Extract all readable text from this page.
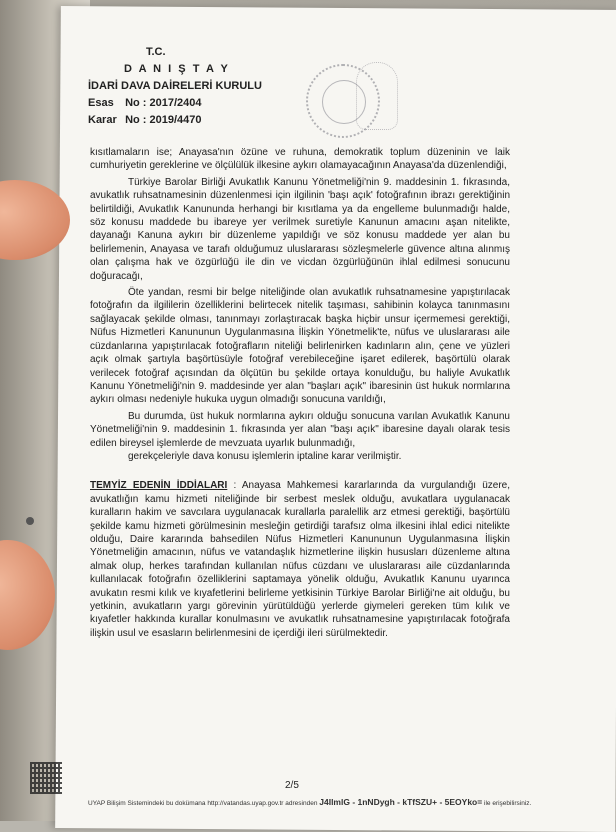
T.C.
D A N I Ş T A Y
İDARİ DAVA DAİRELERİ KURULU
Esas No : 2017/2404
Karar No : 2019/4470

kısıtlamaların ise; Anayasa'nın özüne ve ruhuna, demokratik toplum düzeninin ve laik cumhuriyetin gereklerine ve ölçülülük ilkesine aykırı olamayacağının Anayasa'da düzenlendiği,

Türkiye Barolar Birliği Avukatlık Kanunu Yönetmeliği'nin 9. maddesinin 1. fıkrasında, avukatlık ruhsatnamesinin düzenlenmesi için ilgilinin 'başı açık' fotoğrafının ibrazı gerektiğinin belirtildiği, Avukatlık Kanununda herhangi bir kısıtlama ya da engelleme bulunmadığı halde, söz konusu maddede bu ibareye yer verilmek suretiyle Kanunun amacını aşan nitelikte, dayanağı Kanuna aykırı bir düzenleme yapıldığı ve söz konusu maddede yer alan bu belirlemenin, Anayasa ve tarafı olduğumuz uluslararası sözleşmelerle güvence altına alınmış olan çalışma hak ve özgürlüğü ile din ve vicdan özgürlüğünün ihlal edilmesi sonucunu doğuracağı,

Öte yandan, resmi bir belge niteliğinde olan avukatlık ruhsatnamesine yapıştırılacak fotoğrafın da ilgililerin özelliklerini belirtecek nitelik taşıması, sahibinin kolayca tanınmasını sağlayacak şekilde olması, tanınmayı zorlaştıracak başka hiçbir unsur içermemesi gerektiği, Nüfus Hizmetleri Kanununun Uygulanmasına İlişkin Yönetmelik'te, nüfus ve uluslararası aile cüzdanlarına yapıştırılacak fotoğrafların niteliği belirlenirken kadınların alın, çene ve yüzleri açık olmak şartıyla başörtüsüyle fotoğraf verebileceğine işaret edilerek, başörtülü olarak verilecek fotoğraf açısından da ölçütün bu şekilde ortaya konulduğu, bu haliyle Avukatlık Kanunu Yönetmeliği'nin 9. maddesinde yer alan "başları açık" ibaresinin üst hukuk normlarına aykırı olması nedeniyle hukuka uygun olmadığı sonucuna varıldığı,

Bu durumda, üst hukuk normlarına aykırı olduğu sonucuna varılan Avukatlık Kanunu Yönetmeliği'nin 9. maddesinin 1. fıkrasında yer alan "başı açık" ibaresine dayalı olarak tesis edilen bireysel işlemlerde de mevzuata uyarlık bulunmadığı,

gerekçeleriyle dava konusu işlemlerin iptaline karar verilmiştir.

TEMYİZ EDENİN İDDİALARI : Anayasa Mahkemesi kararlarında da vurgulandığı üzere, avukatlığın kamu hizmeti niteliğinde bir serbest meslek olduğu, avukatlara uygulanacak kuralların hakim ve savcılara uygulanacak kurallarla paralellik arz etmesi gerektiği, başörtülü şekilde kamu hizmeti görülmesinin mesleğin getirdiği tarafsız olma ilkesini ihlal edici nitelikte olduğu, Daire kararında bahsedilen Nüfus Hizmetleri Kanununun Uygulanmasına İlişkin Yönetmeliğin amacının, nüfus ve vatandaşlık hizmetlerine ilişkin hususları düzenleme altına almak olup, herkes tarafından kullanılan nüfus cüzdanı ve uluslararası aile cüzdanlarında kullanılacak fotoğrafın özelliklerini saptamaya yönelik olduğu, Avukatlık Kanunu uyarınca avukatın resmi kılık ve kıyafetlerini belirleme yetkisinin Türkiye Barolar Birliği'ne ait olduğu, bu yetkinin, avukatların yargı görevinin yürütüldüğü yerlerde giymeleri gereken tüm kılık ve kıyafetler hakkında kurallar konulmasını ve avukatlık ruhsatnamesine yapıştırılacak fotoğrafa ilişkin usul ve esasların belirlenmesini de içerdiği ileri sürülmektedir.

2/5
UYAP Bilişim Sistemindeki bu dokümana http://vatandas.uyap.gov.tr adresinden J4IlmlG - 1nNDygh - kTfSZU+ - 5EOYko= ile erişebilirsiniz.
